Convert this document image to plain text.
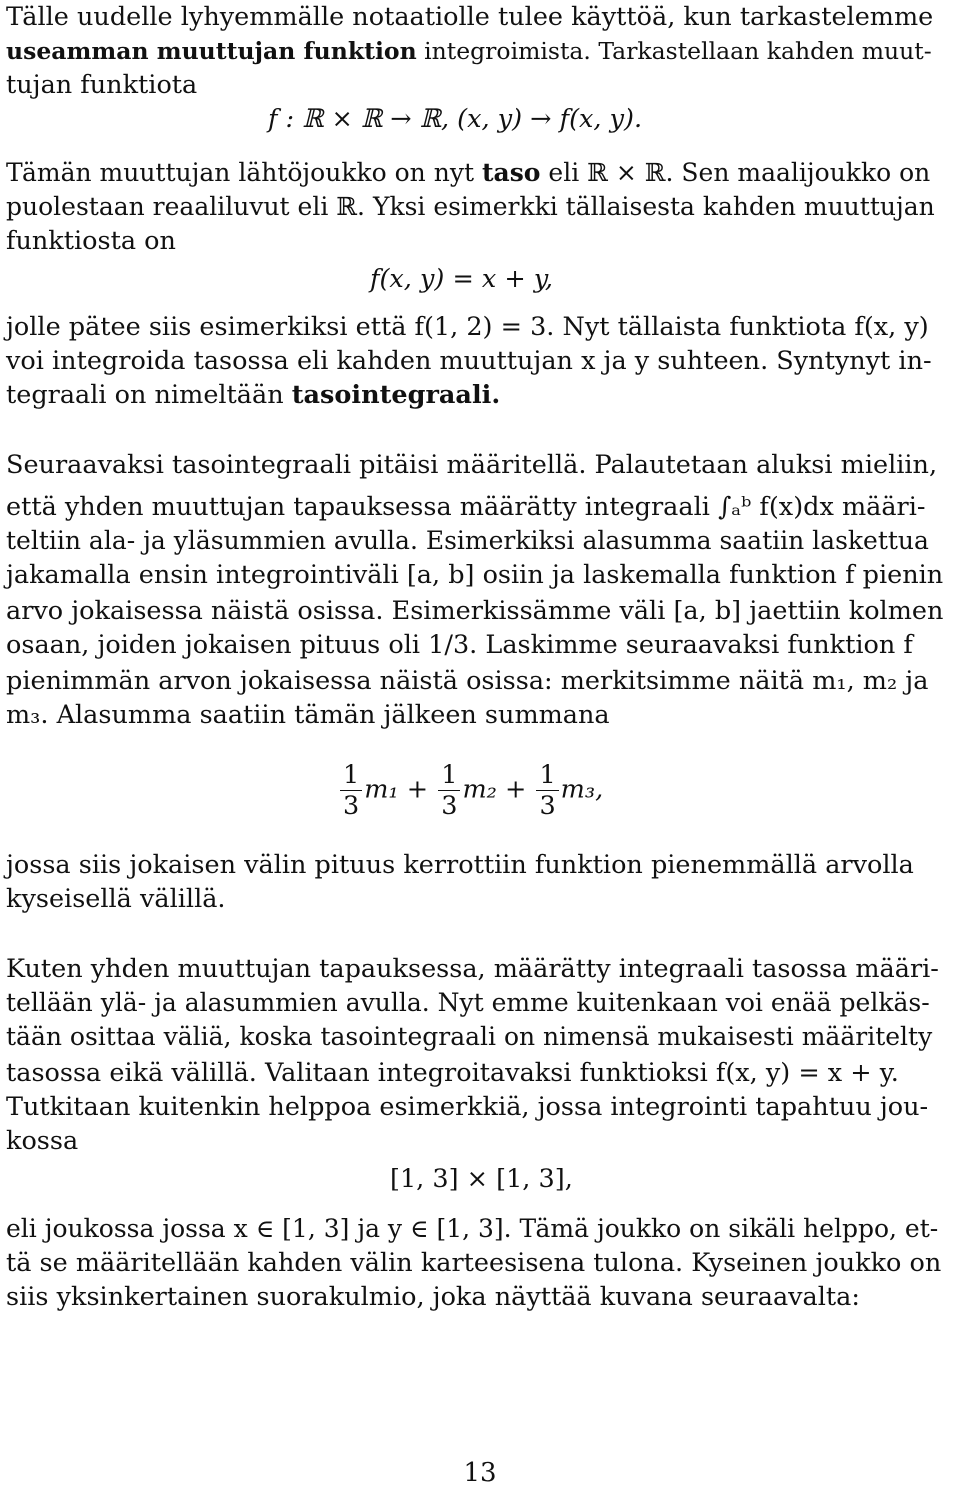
Tälle uudelle lyhyemmälle notaatiolle tulee käyttöä, kun tarkastelemme
useamman muuttujan funktion integroimista. Tarkastellaan kahden muut-
tujan funktiota
f : ℝ × ℝ → ℝ, (x, y) → f(x, y).
Tämän muuttujan lähtöjoukko on nyt taso eli ℝ × ℝ. Sen maalijoukko on
puolestaan reaaliluvut eli ℝ. Yksi esimerkki tällaisesta kahden muuttujan
funktiosta on
f(x, y) = x + y,
jolle pätee siis esimerkiksi että f(1, 2) = 3. Nyt tällaista funktiota f(x, y)
voi integroida tasossa eli kahden muuttujan x ja y suhteen. Syntynyt in-
tegraali on nimeltään tasointegraali.
Seuraavaksi tasointegraali pitäisi määritellä. Palautetaan aluksi mieliin,
että yhden muuttujan tapauksessa määrätty integraali ∫ₐᵇ f(x)dx määri-
teltiin ala- ja yläsummien avulla. Esimerkiksi alasumma saatiin laskettua
jakamalla ensin integrointiväli [a, b] osiin ja laskemalla funktion f pienin
arvo jokaisessa näistä osissa. Esimerkissämme väli [a, b] jaettiin kolmen
osaan, joiden jokaisen pituus oli 1/3. Laskimme seuraavaksi funktion f
pienimmän arvon jokaisessa näistä osissa: merkitsimme näitä m₁, m₂ ja
m₃. Alasumma saatiin tämän jälkeen summana
$\frac{1}{3} m_1 + \frac{1}{3} m_2 + \frac{1}{3} m_3$,
jossa siis jokaisen välin pituus kerrottiin funktion pienemmällä arvolla
kyseisellä välillä.
Kuten yhden muuttujan tapauksessa, määrätty integraali tasossa määri-
tellään ylä- ja alasummien avulla. Nyt emme kuitenkaan voi enää pelkäs-
tään osittaa väliä, koska tasointegraali on nimensä mukaisesti määritelty
tasossa eikä välillä. Valitaan integroitavaksi funktioksi f(x, y) = x + y.
Tutkitaan kuitenkin helppoa esimerkkiä, jossa integrointi tapahtuu jou-
kossa
[1, 3] × [1, 3],
eli joukossa jossa x ∈ [1, 3] ja y ∈ [1, 3]. Tämä joukko on sikäli helppo, et-
tä se määritellään kahden välin karteesisena tulona. Kyseinen joukko on
siis yksinkertainen suorakulmio, joka näyttää kuvana seuraavalta:
13
